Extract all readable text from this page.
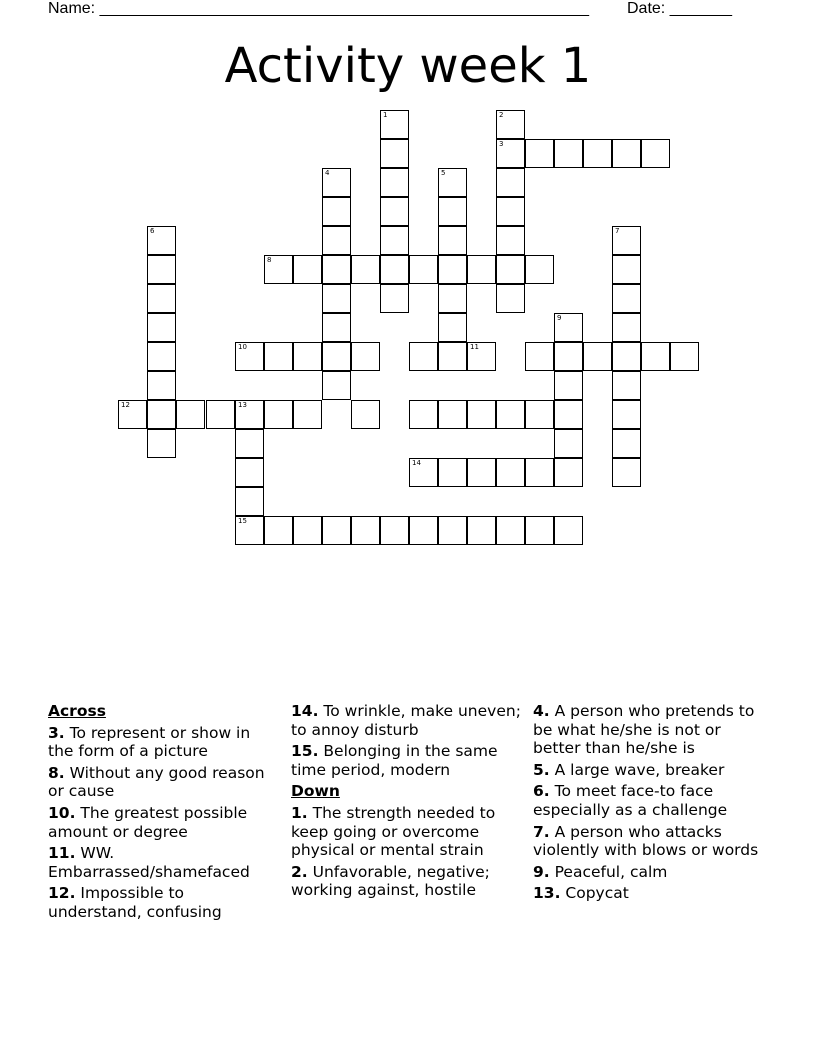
Name: _______________________________________________________ Date: _______
Activity week 1
1	2
3
4	5
6	7
8
9
10	11
12	13
14
15
Across
3. To represent or show in the form of a picture
8. Without any good reason or cause
10. The greatest possible amount or degree
11. WW. Embarrassed/shamefaced
12. Impossible to understand, confusing
14. To wrinkle, make uneven; to annoy disturb
15. Belonging in the same time period, modern
Down
1. The strength needed to keep going or overcome physical or mental strain
2. Unfavorable, negative; working against, hostile
4. A person who pretends to be what he/she is not or better than he/she is
5. A large wave, breaker
6. To meet face-to face especially as a challenge
7. A person who attacks violently with blows or words
9. Peaceful, calm
13. Copycat
